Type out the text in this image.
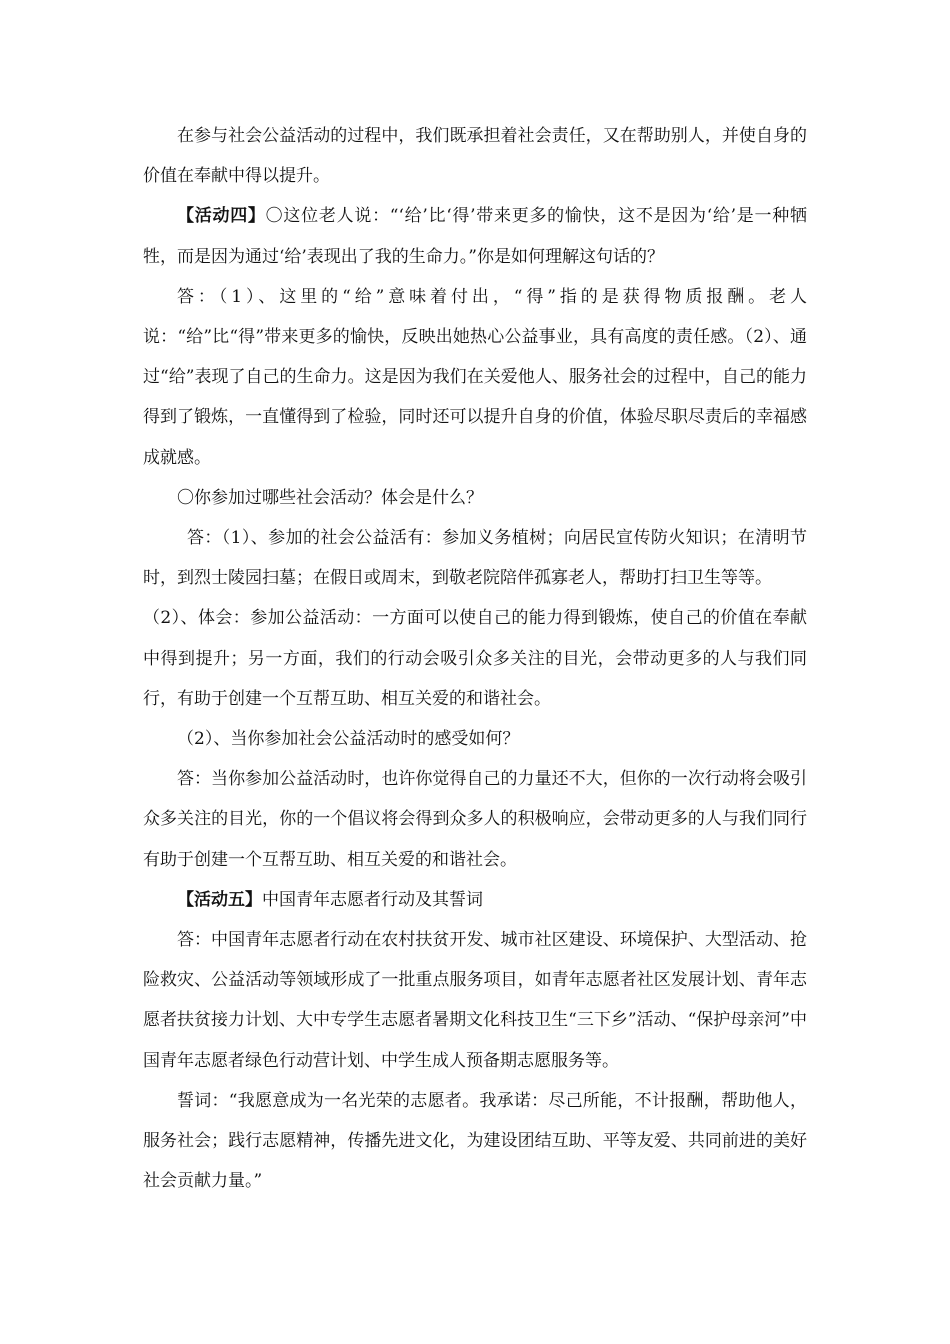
在参与社会公益活动的过程中，我们既承担着社会责任，又在帮助别人，并使自身的价值在奉献中得以提升。

【活动四】〇这位老人说：“‘给’比‘得’带来更多的愉快，这不是因为‘给’是一种牺牲，而是因为通过‘给’表现出了我的生命力。”你是如何理解这句话的？

答：（1）、这里的“给”意味着付出，“得”指的是获得物质报酬。老人说：“给”比“得”带来更多的愉快，反映出她热心公益事业，具有高度的责任感。（2）、通过“给”表现了自己的生命力。这是因为我们在关爱他人、服务社会的过程中，自己的能力得到了锻炼，一直懂得到了检验，同时还可以提升自身的价值，体验尽职尽责后的幸福感成就感。

〇你参加过哪些社会活动？体会是什么？

答：（1）、参加的社会公益活有：参加义务植树；向居民宣传防火知识；在清明节时，到烈士陵园扫墓；在假日或周末，到敬老院陪伴孤寡老人，帮助打扫卫生等等。

（2）、体会：参加公益活动：一方面可以使自己的能力得到锻炼，使自己的价值在奉献中得到提升；另一方面，我们的行动会吸引众多关注的目光，会带动更多的人与我们同行，有助于创建一个互帮互助、相互关爱的和谐社会。

（2）、当你参加社会公益活动时的感受如何？

答：当你参加公益活动时，也许你觉得自己的力量还不大，但你的一次行动将会吸引众多关注的目光，你的一个倡议将会得到众多人的积极响应，会带动更多的人与我们同行有助于创建一个互帮互助、相互关爱的和谐社会。

【活动五】中国青年志愿者行动及其誓词

答：中国青年志愿者行动在农村扶贫开发、城市社区建设、环境保护、大型活动、抢险救灾、公益活动等领域形成了一批重点服务项目，如青年志愿者社区发展计划、青年志愿者扶贫接力计划、大中专学生志愿者暑期文化科技卫生“三下乡”活动、“保护母亲河”中国青年志愿者绿色行动营计划、中学生成人预备期志愿服务等。

誓词：“我愿意成为一名光荣的志愿者。我承诺：尽己所能，不计报酬，帮助他人，服务社会；践行志愿精神，传播先进文化，为建设团结互助、平等友爱、共同前进的美好社会贡献力量。”
